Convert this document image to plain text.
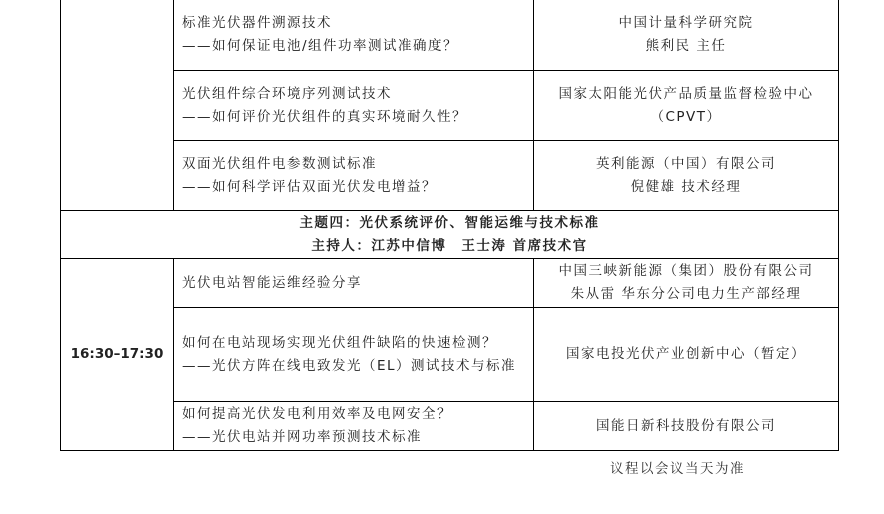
	标准光伏器件溯源技术
——如何保证电池/组件功率测试准确度？	中国计量科学研究院
熊利民 主任

	光伏组件综合环境序列测试技术
——如何评价光伏组件的真实环境耐久性？	国家太阳能光伏产品质量监督检验中心
（CPVT）

	双面光伏组件电参数测试标准
——如何科学评估双面光伏发电增益？	英利能源（中国）有限公司
倪健雄 技术经理

主题四：光伏系统评价、智能运维与技术标准
主持人：江苏中信博　王士涛 首席技术官		

16:30–17:30	光伏电站智能运维经验分享	中国三峡新能源（集团）股份有限公司
朱从雷 华东分公司电力生产部经理

	如何在电站现场实现光伏组件缺陷的快速检测？
——光伏方阵在线电致发光（EL）测试技术与标准	国家电投光伏产业创新中心（暂定）

	如何提高光伏发电利用效率及电网安全？
——光伏电站并网功率预测技术标准	国能日新科技股份有限公司
议程以会议当天为准
